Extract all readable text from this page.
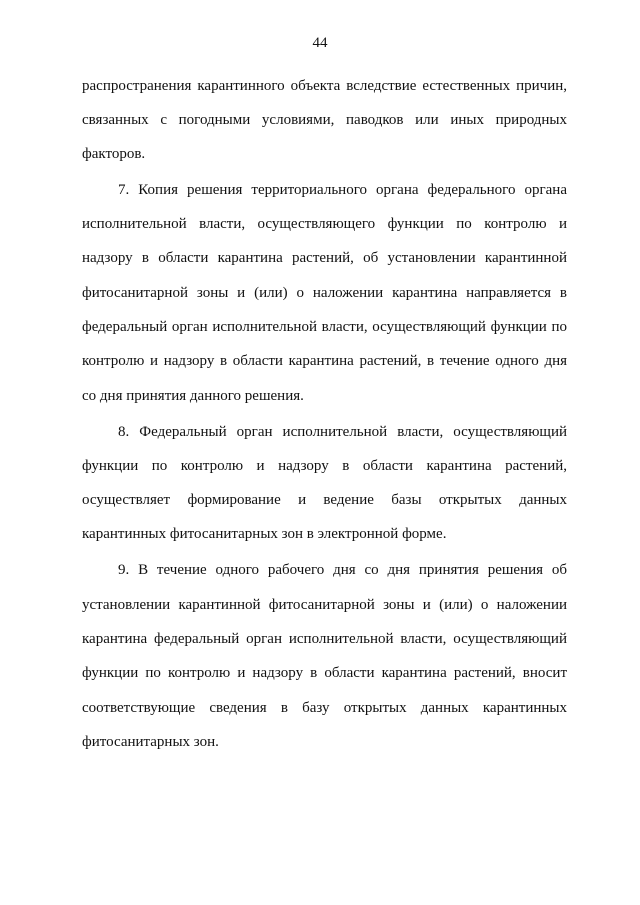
44
распространения карантинного объекта вследствие естественных причин,
связанных с погодными условиями, паводков или иных природных
факторов.
7. Копия решения территориального органа федерального органа
исполнительной власти, осуществляющего функции по контролю и
надзору в области карантина растений, об установлении карантинной
фитосанитарной зоны и (или) о наложении карантина направляется в
федеральный орган исполнительной власти, осуществляющий функции по
контролю и надзору в области карантина растений, в течение одного дня
со дня принятия данного решения.
8. Федеральный орган исполнительной власти, осуществляющий
функции по контролю и надзору в области карантина растений,
осуществляет формирование и ведение базы открытых данных
карантинных фитосанитарных зон в электронной форме.
9. В течение одного рабочего дня со дня принятия решения об
установлении карантинной фитосанитарной зоны и (или) о наложении
карантина федеральный орган исполнительной власти, осуществляющий
функции по контролю и надзору в области карантина растений, вносит
соответствующие сведения в базу открытых данных карантинных
фитосанитарных зон.
